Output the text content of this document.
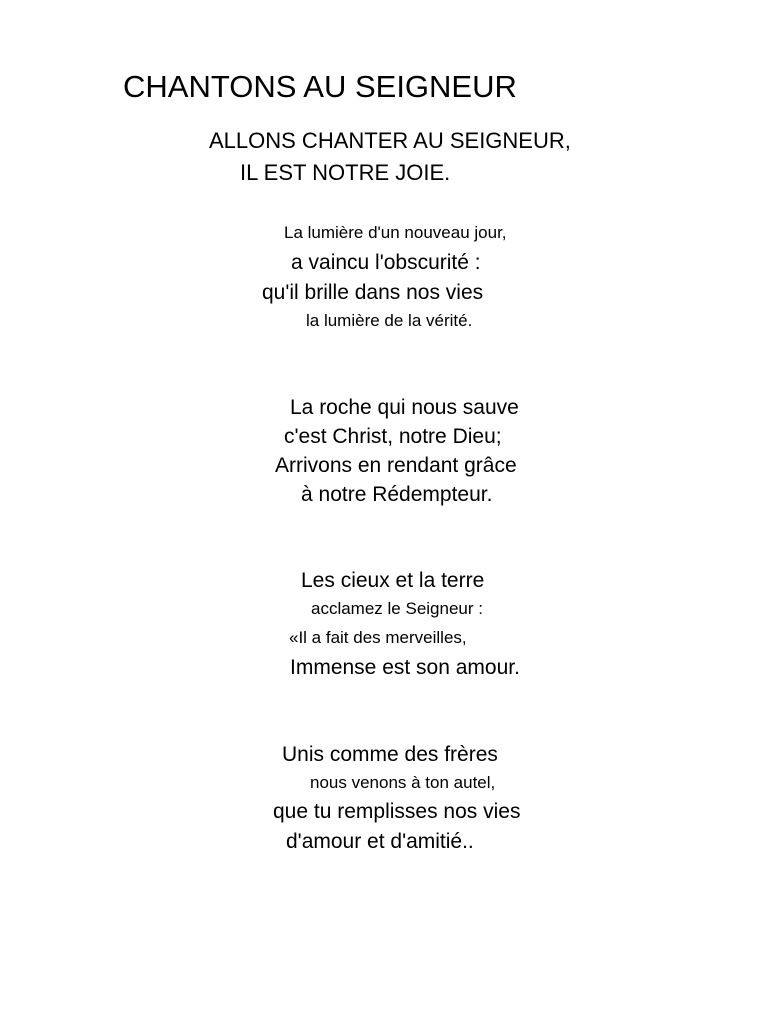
CHANTONS AU SEIGNEUR
ALLONS CHANTER AU SEIGNEUR,
IL EST NOTRE JOIE.
La lumière d'un nouveau jour,
a vaincu l'obscurité :
qu'il brille dans nos vies
la lumière de la vérité.
La roche qui nous sauve
c'est Christ, notre Dieu;
Arrivons en rendant grâce
à notre Rédempteur.
Les cieux et la terre
acclamez le Seigneur :
«Il a fait des merveilles,
Immense est son amour.
Unis comme des frères
nous venons à ton autel,
que tu remplisses nos vies
d'amour et d'amitié..
